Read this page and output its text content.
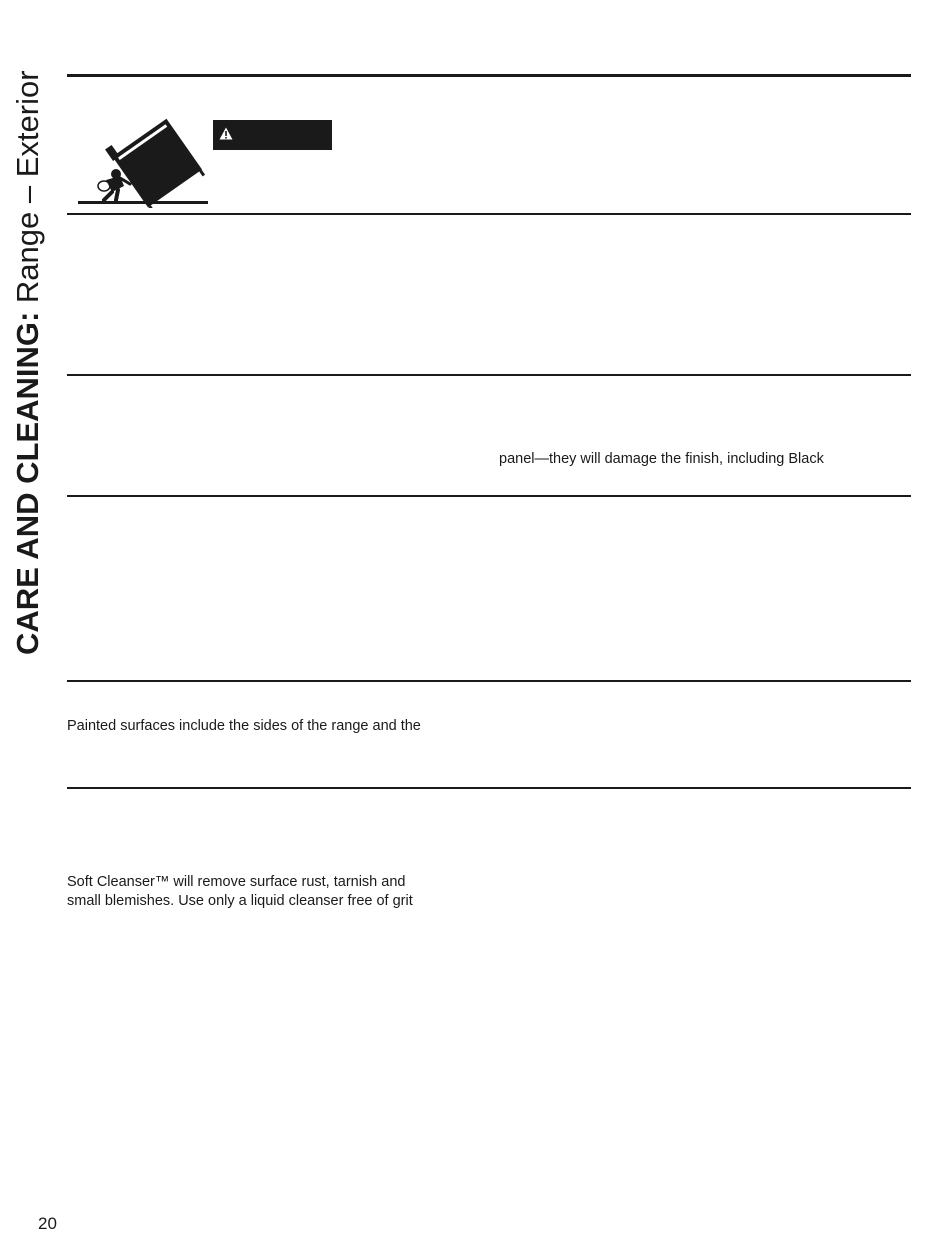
CARE AND CLEANING: Range – Exterior
panel—they will damage the finish, including Black
Painted surfaces include the sides of the range and the
Soft Cleanser™ will remove surface rust, tarnish and
small blemishes. Use only a liquid cleanser free of grit
20
